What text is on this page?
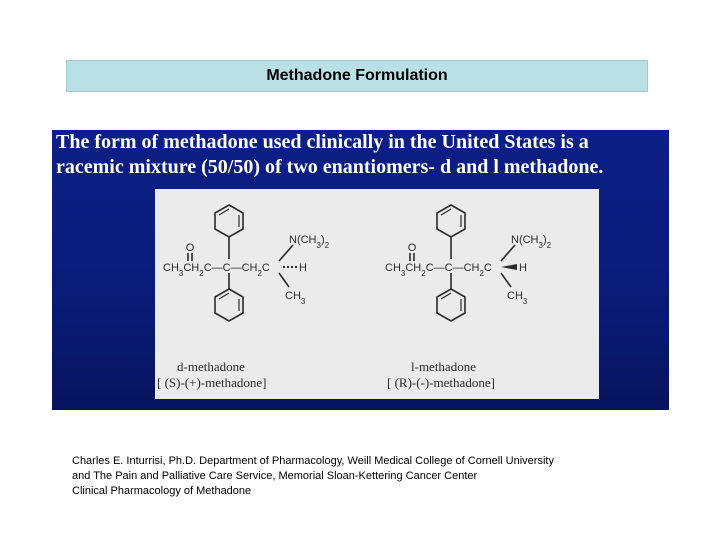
Methadone Formulation
The form of methadone used clinically in the United States is a
racemic mixture (50/50) of two enantiomers- d and l methadone.
O
$CH_3CH_2C—C—CH_2C$
$N(CH_3)_2$
H
$CH_3$
O
$CH_3CH_2C—C—CH_2C$
$N(CH_3)_2$
H
$CH_3$
d-methadone
[ (S)-(+)-methadone]
l-methadone
[ (R)-(-)-methadone]
Charles E. Inturrisi, Ph.D. Department of Pharmacology, Weill Medical College of Cornell University
and The Pain and Palliative Care Service, Memorial Sloan-Kettering Cancer Center
Clinical Pharmacology of Methadone
